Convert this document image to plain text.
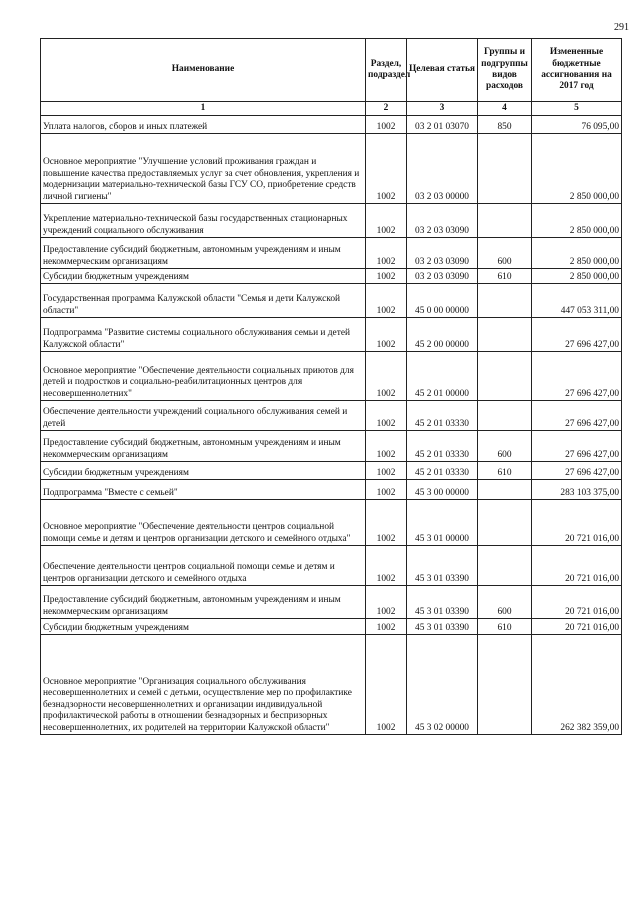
291
Наименование	Раздел, подраздел	Целевая статья	Группы и подгруппы видов расходов	Измененные бюджетные ассигнования на 2017 год
1	2	3	4	5
Уплата налогов, сборов и иных платежей	1002	03 2 01 03070	850	76 095,00
Основное мероприятие "Улучшение условий проживания граждан и повышение качества предоставляемых услуг за счет обновления, укрепления и модернизации материально-технической базы ГСУ СО, приобретение средств личной гигиены"	1002	03 2 03 00000		2 850 000,00
Укрепление материально-технической базы государственных стационарных учреждений социального обслуживания	1002	03 2 03 03090		2 850 000,00
Предоставление субсидий бюджетным, автономным учреждениям и иным некоммерческим организациям	1002	03 2 03 03090	600	2 850 000,00
Субсидии бюджетным учреждениям	1002	03 2 03 03090	610	2 850 000,00
Государственная программа Калужской области "Семья и дети Калужской области"	1002	45 0 00 00000		447 053 311,00
Подпрограмма "Развитие системы социального обслуживания семьи и детей Калужской области"	1002	45 2 00 00000		27 696 427,00
Основное мероприятие "Обеспечение деятельности социальных приютов для детей и подростков и социально-реабилитационных центров для несовершеннолетних"	1002	45 2 01 00000		27 696 427,00
Обеспечение деятельности учреждений социального обслуживания семей и детей	1002	45 2 01 03330		27 696 427,00
Предоставление субсидий бюджетным, автономным учреждениям и иным некоммерческим организациям	1002	45 2 01 03330	600	27 696 427,00
Субсидии бюджетным учреждениям	1002	45 2 01 03330	610	27 696 427,00
Подпрограмма "Вместе с семьей"	1002	45 3 00 00000		283 103 375,00
Основное мероприятие "Обеспечение деятельности центров социальной помощи семье и детям и центров организации детского и семейного отдыха"	1002	45 3 01 00000		20 721 016,00
Обеспечение деятельности центров социальной помощи семье и детям и центров организации детского и семейного отдыха	1002	45 3 01 03390		20 721 016,00
Предоставление субсидий бюджетным, автономным учреждениям и иным некоммерческим организациям	1002	45 3 01 03390	600	20 721 016,00
Субсидии бюджетным учреждениям	1002	45 3 01 03390	610	20 721 016,00
Основное мероприятие "Организация социального обслуживания несовершеннолетних и семей с детьми, осуществление мер по профилактике безнадзорности несовершеннолетних и организации индивидуальной профилактической работы в отношении безнадзорных и беспризорных несовершеннолетних, их родителей на территории Калужской области"	1002	45 3 02 00000		262 382 359,00
